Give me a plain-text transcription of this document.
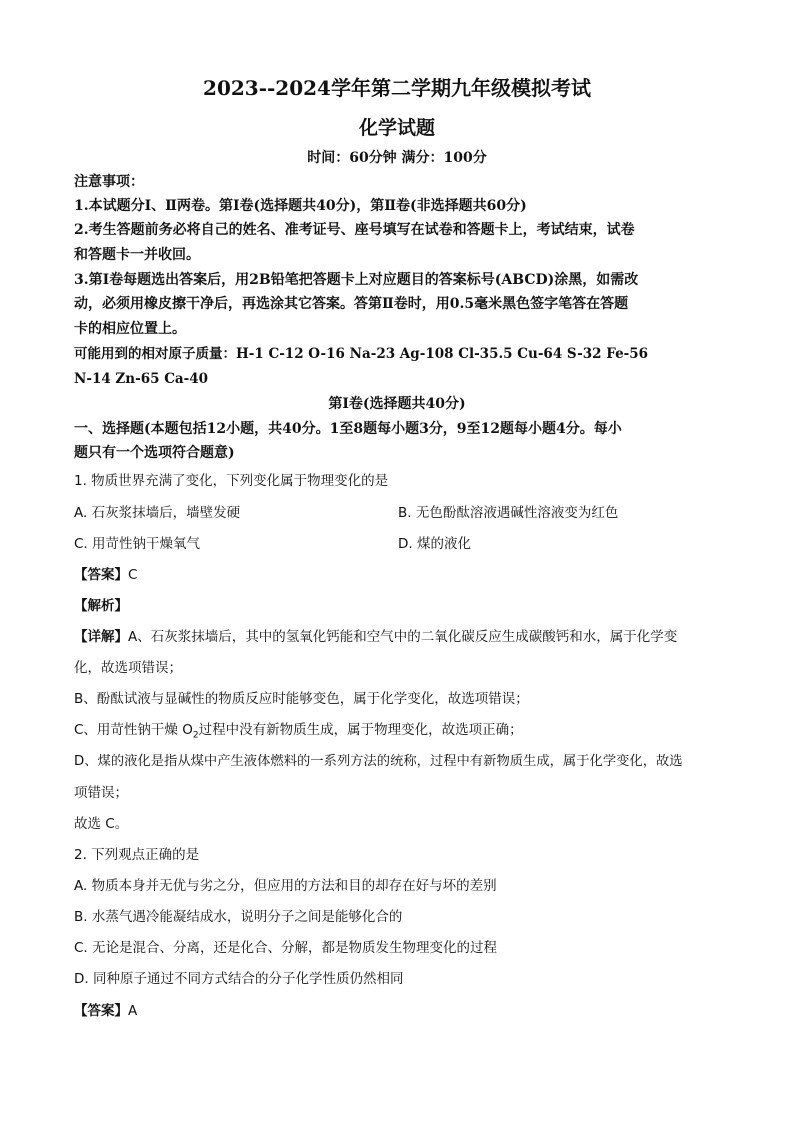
2023--2024学年第二学期九年级模拟考试
化学试题
时间：60分钟 满分：100分
注意事项：
1.本试题分Ⅰ、Ⅱ两卷。第Ⅰ卷(选择题共40分)，第Ⅱ卷(非选择题共60分)
2.考生答题前务必将自己的姓名、准考证号、座号填写在试卷和答题卡上，考试结束，试卷
和答题卡一并收回。
3.第Ⅰ卷每题选出答案后，用2B铅笔把答题卡上对应题目的答案标号(ABCD)涂黑，如需改
动，必须用橡皮擦干净后，再选涂其它答案。答第Ⅱ卷时，用0.5毫米黑色签字笔答在答题
卡的相应位置上。
可能用到的相对原子质量：H-1 C-12 O-16 Na-23 Ag-108 Cl-35.5 Cu-64 S-32 Fe-56
N-14 Zn-65 Ca-40
第Ⅰ卷(选择题共40分)
一、选择题(本题包括12小题，共40分。1至8题每小题3分，9至12题每小题4分。每小
题只有一个选项符合题意)
1. 物质世界充满了变化，下列变化属于物理变化的是
A. 石灰浆抹墙后，墙壁发硬	B. 无色酚酞溶液遇碱性溶液变为红色
C. 用苛性钠干燥氧气	D. 煤的液化
【答案】C
【解析】
【详解】A、石灰浆抹墙后，其中的氢氧化钙能和空气中的二氧化碳反应生成碳酸钙和水，属于化学变
化，故选项错误；
B、酚酞试液与显碱性的物质反应时能够变色，属于化学变化，故选项错误；
C、用苛性钠干燥 $O_2$过程中没有新物质生成，属于物理变化，故选项正确；
D、煤的液化是指从煤中产生液体燃料的一系列方法的统称，过程中有新物质生成，属于化学变化，故选
项错误；
故选 C。
2. 下列观点正确的是
A. 物质本身并无优与劣之分，但应用的方法和目的却存在好与坏的差别
B. 水蒸气遇冷能凝结成水，说明分子之间是能够化合的
C. 无论是混合、分离，还是化合、分解，都是物质发生物理变化的过程
D. 同种原子通过不同方式结合的分子化学性质仍然相同
【答案】A
